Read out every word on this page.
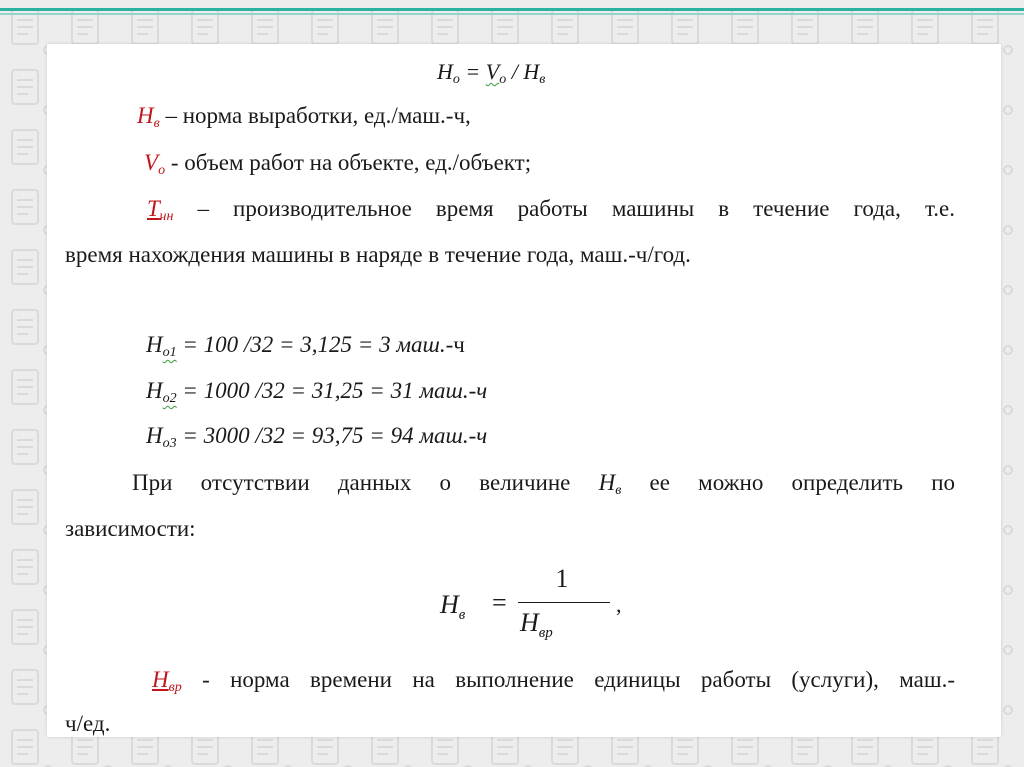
Но = Vо / Нв
Нв – норма выработки, ед./маш.-ч,
Vо - объем работ на объекте, ед./объект;
Тчн – производительное время работы машины в течение года, т.е.
время нахождения машины в наряде в течение года, маш.-ч/год.
Но1 = 100 /32 = 3,125 = 3 маш.-ч
Но2 = 1000 /32 = 31,25 = 31 маш.-ч
Но3 = 3000 /32 = 93,75 = 94 маш.-ч
При отсутствии данных о величине Нв ее можно определить по
зависимости:
$Н_в$ =
1
$Н_{вр}$
,
Нвр - норма времени на выполнение единицы работы (услуги), маш.-
ч/ед.
